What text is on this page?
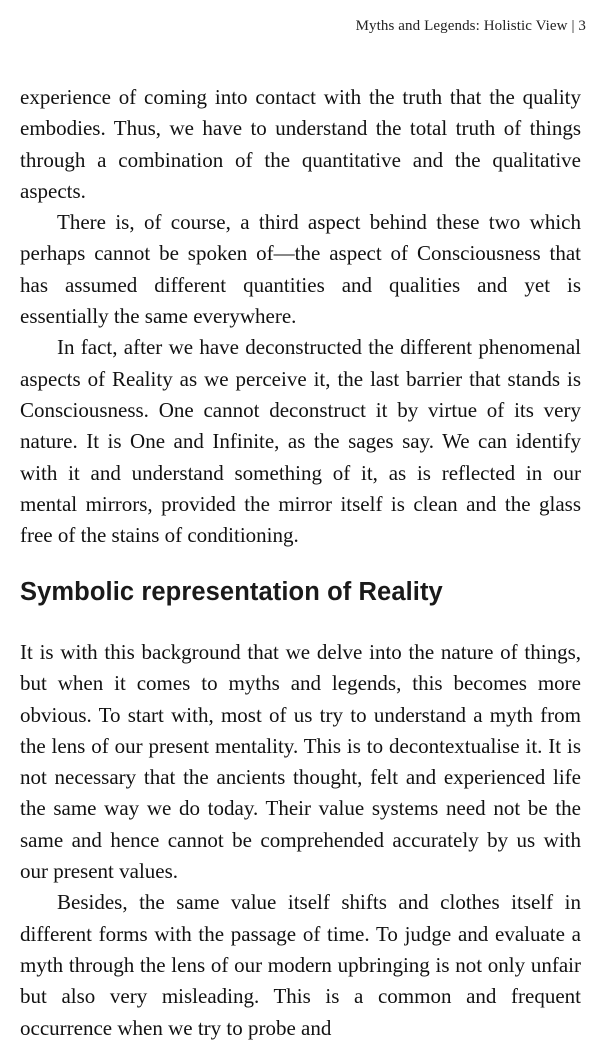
Myths and Legends: Holistic View | 3

experience of coming into contact with the truth that the quality embodies. Thus, we have to understand the total truth of things through a combination of the quantitative and the qualitative aspects.

There is, of course, a third aspect behind these two which perhaps cannot be spoken of—the aspect of Consciousness that has assumed different quantities and qualities and yet is essentially the same everywhere.

In fact, after we have deconstructed the different phenomenal aspects of Reality as we perceive it, the last barrier that stands is Consciousness. One cannot deconstruct it by virtue of its very nature. It is One and Infinite, as the sages say. We can identify with it and understand something of it, as is reflected in our mental mirrors, provided the mirror itself is clean and the glass free of the stains of conditioning.

Symbolic representation of Reality

It is with this background that we delve into the nature of things, but when it comes to myths and legends, this becomes more obvious. To start with, most of us try to understand a myth from the lens of our present mentality. This is to decontextualise it. It is not necessary that the ancients thought, felt and experienced life the same way we do today. Their value systems need not be the same and hence cannot be comprehended accurately by us with our present values.

Besides, the same value itself shifts and clothes itself in different forms with the passage of time. To judge and evaluate a myth through the lens of our modern upbringing is not only unfair but also very misleading. This is a common and frequent occurrence when we try to probe and
